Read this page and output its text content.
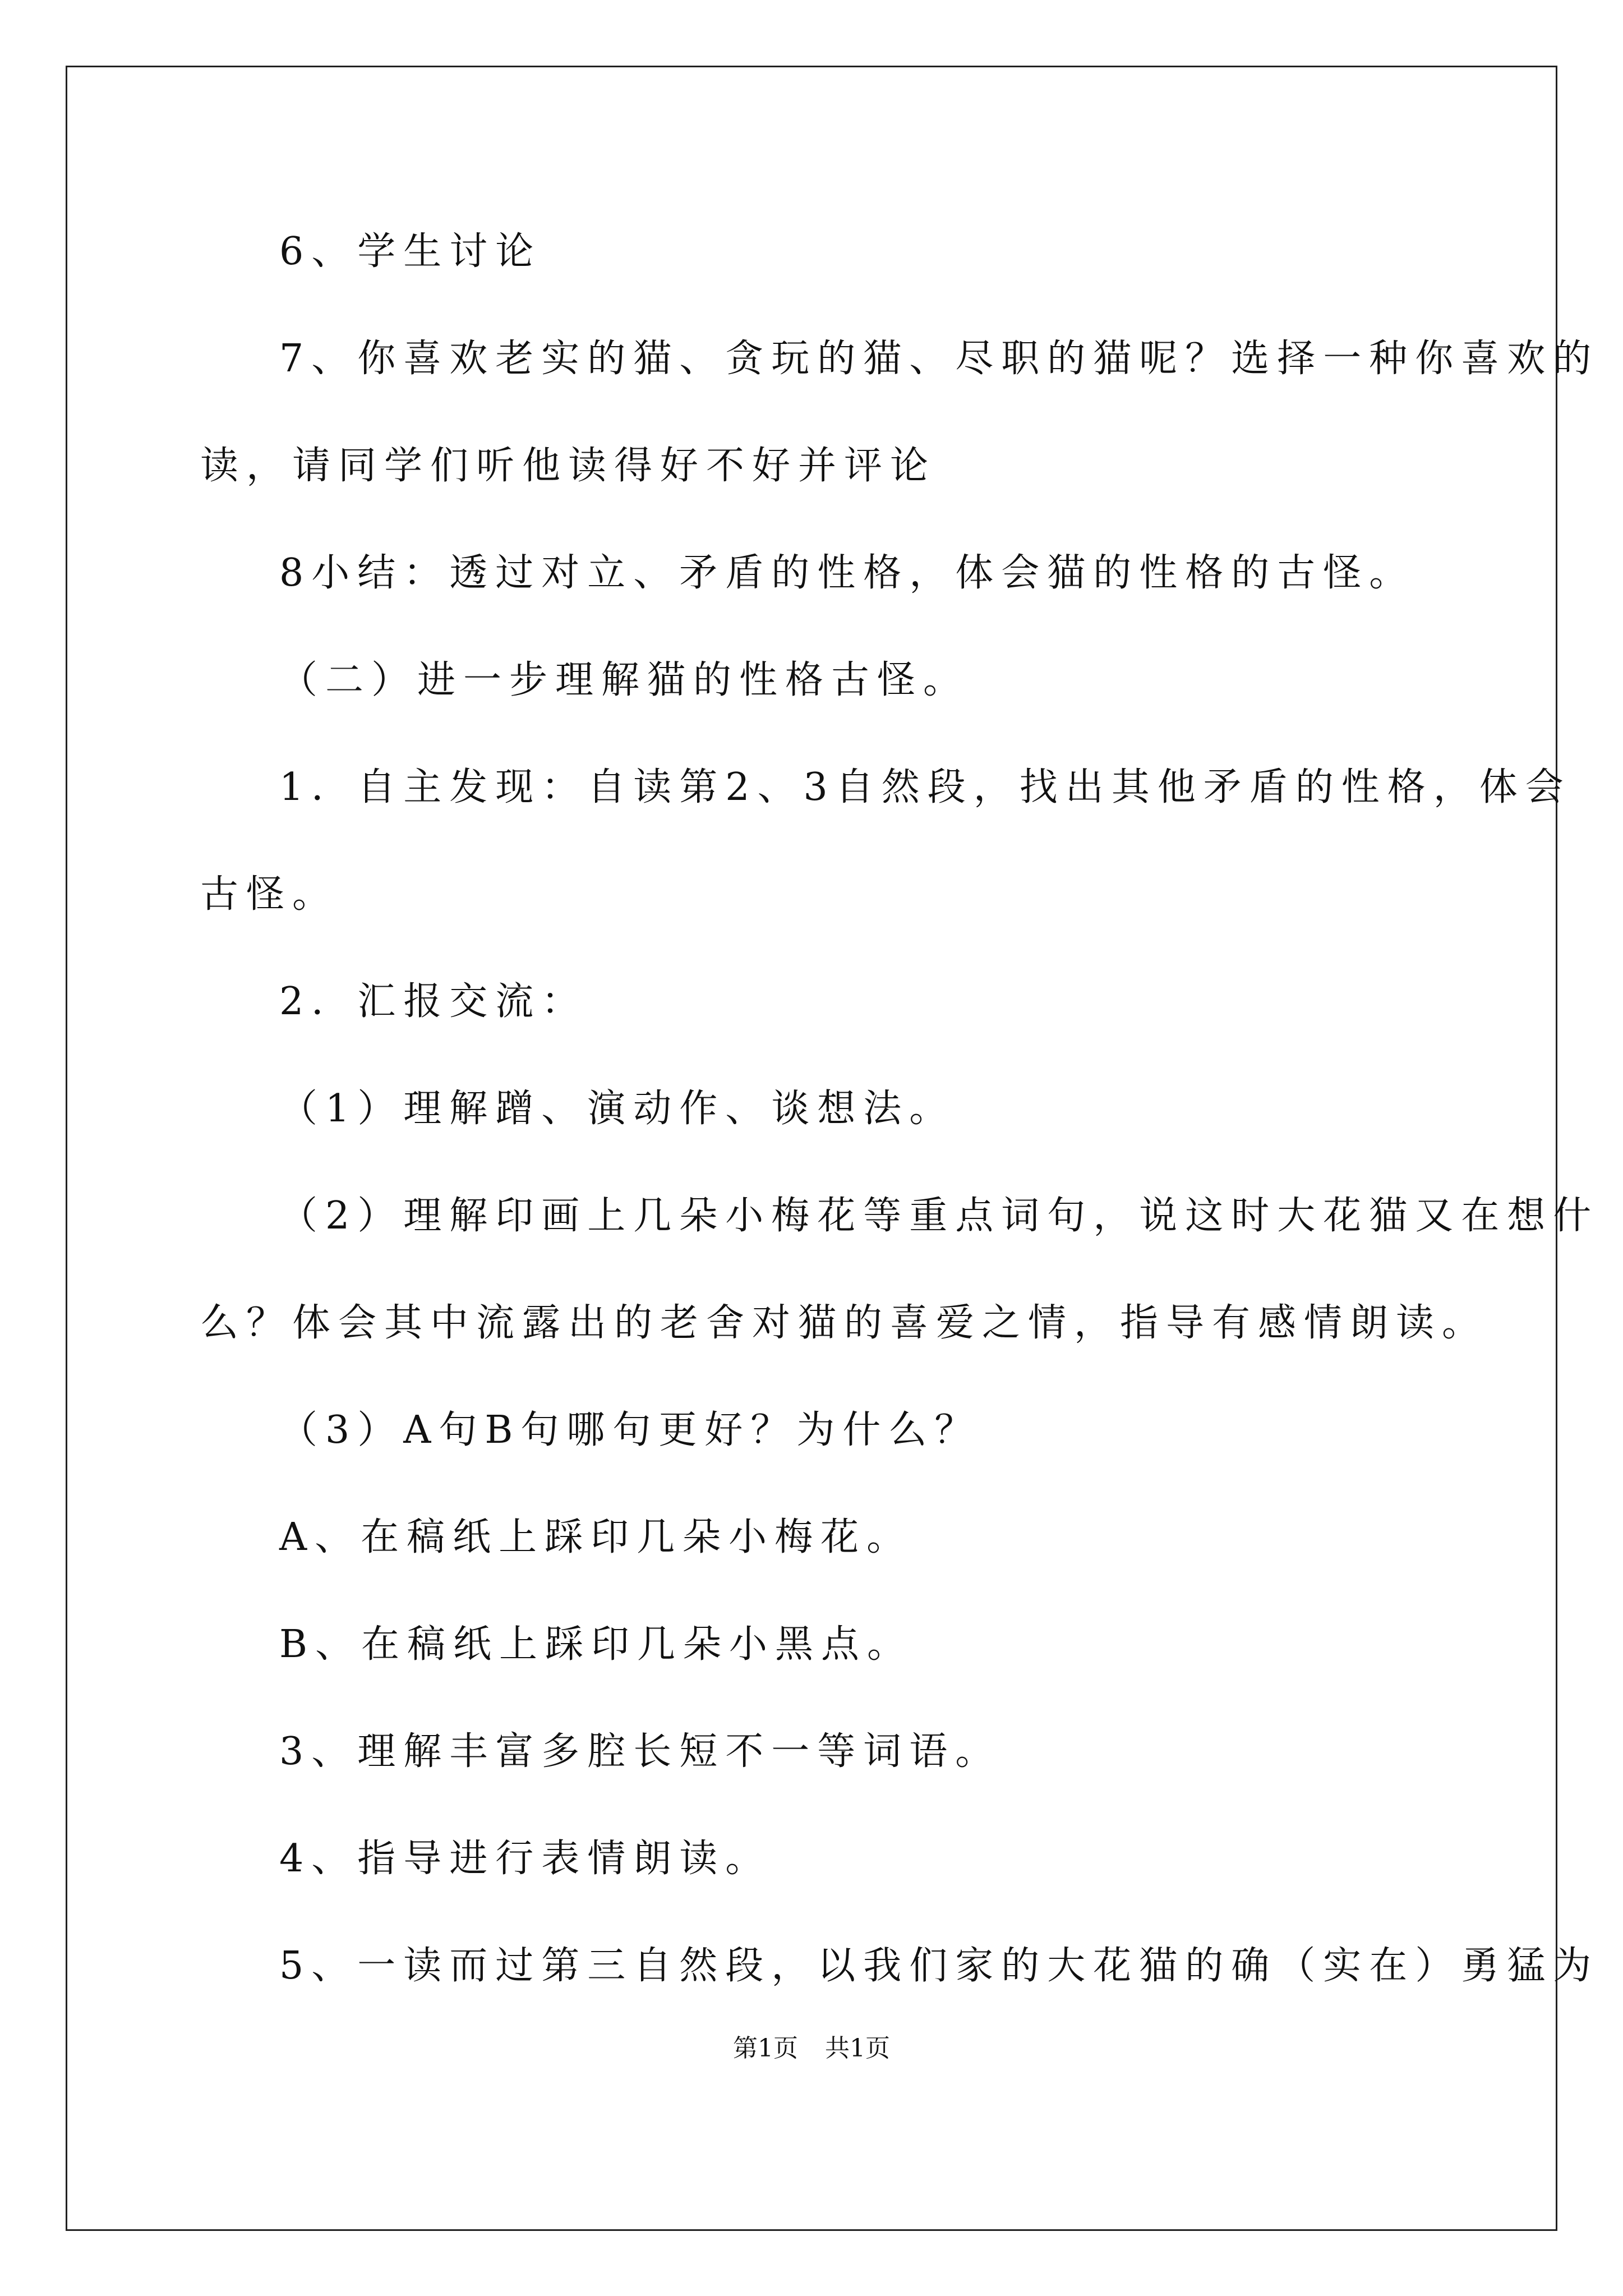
6、学生讨论
7、你喜欢老实的猫、贪玩的猫、尽职的猫呢？选择一种你喜欢的
读，请同学们听他读得好不好并评论
8小结：透过对立、矛盾的性格，体会猫的性格的古怪。
（二）进一步理解猫的性格古怪。
1．自主发现：自读第2、3自然段，找出其他矛盾的性格，体会
古怪。
2．汇报交流：
（1）理解蹭、演动作、谈想法。
（2）理解印画上几朵小梅花等重点词句，说这时大花猫又在想什
么？体会其中流露出的老舍对猫的喜爱之情，指导有感情朗读。
（3）A句B句哪句更好？为什么？
A、在稿纸上踩印几朵小梅花。
B、在稿纸上踩印几朵小黑点。
3、理解丰富多腔长短不一等词语。
4、指导进行表情朗读。
5、一读而过第三自然段，以我们家的大花猫的确（实在）勇猛为
第1页 共1页
